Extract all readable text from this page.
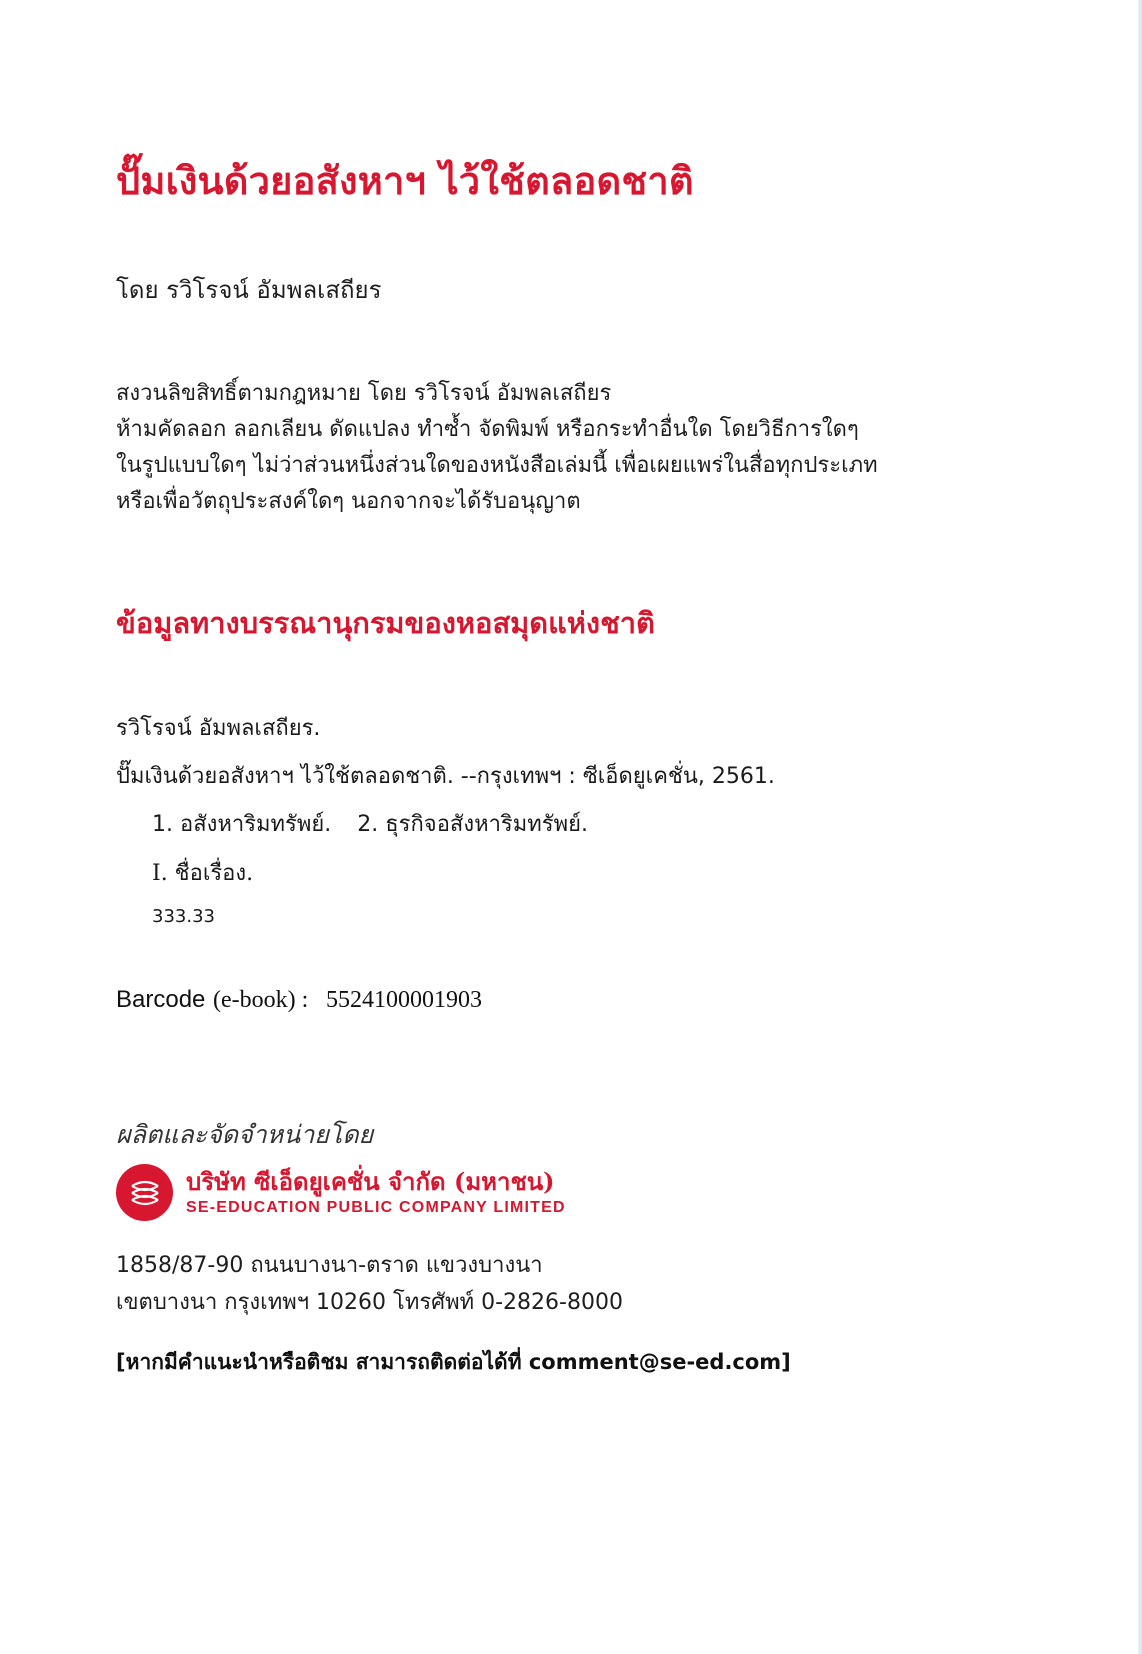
ปั๊มเงินด้วยอสังหาฯ ไว้ใช้ตลอดชาติ
โดย รวิโรจน์ อัมพลเสถียร
สงวนลิขสิทธิ์ตามกฎหมาย โดย รวิโรจน์ อัมพลเสถียร
ห้ามคัดลอก ลอกเลียน ดัดแปลง ทำซ้ำ จัดพิมพ์ หรือกระทำอื่นใด โดยวิธีการใดๆ
ในรูปแบบใดๆ ไม่ว่าส่วนหนึ่งส่วนใดของหนังสือเล่มนี้ เพื่อเผยแพร่ในสื่อทุกประเภท
หรือเพื่อวัตถุประสงค์ใดๆ นอกจากจะได้รับอนุญาต
ข้อมูลทางบรรณานุกรมของหอสมุดแห่งชาติ
รวิโรจน์ อัมพลเสถียร.
ปั๊มเงินด้วยอสังหาฯ ไว้ใช้ตลอดชาติ. --กรุงเทพฯ : ซีเอ็ดยูเคชั่น, 2561.
1. อสังหาริมทรัพย์. 2. ธุรกิจอสังหาริมทรัพย์.
I. ชื่อเรื่อง.
333.33
Barcode (e-book) : 5524100001903
ผลิตและจัดจำหน่ายโดย
บริษัท ซีเอ็ดยูเคชั่น จำกัด (มหาชน)
SE-EDUCATION PUBLIC COMPANY LIMITED
1858/87-90 ถนนบางนา-ตราด แขวงบางนา
เขตบางนา กรุงเทพฯ 10260 โทรศัพท์ 0-2826-8000
[หากมีคำแนะนำหรือติชม สามารถติดต่อได้ที่ comment@se-ed.com]
